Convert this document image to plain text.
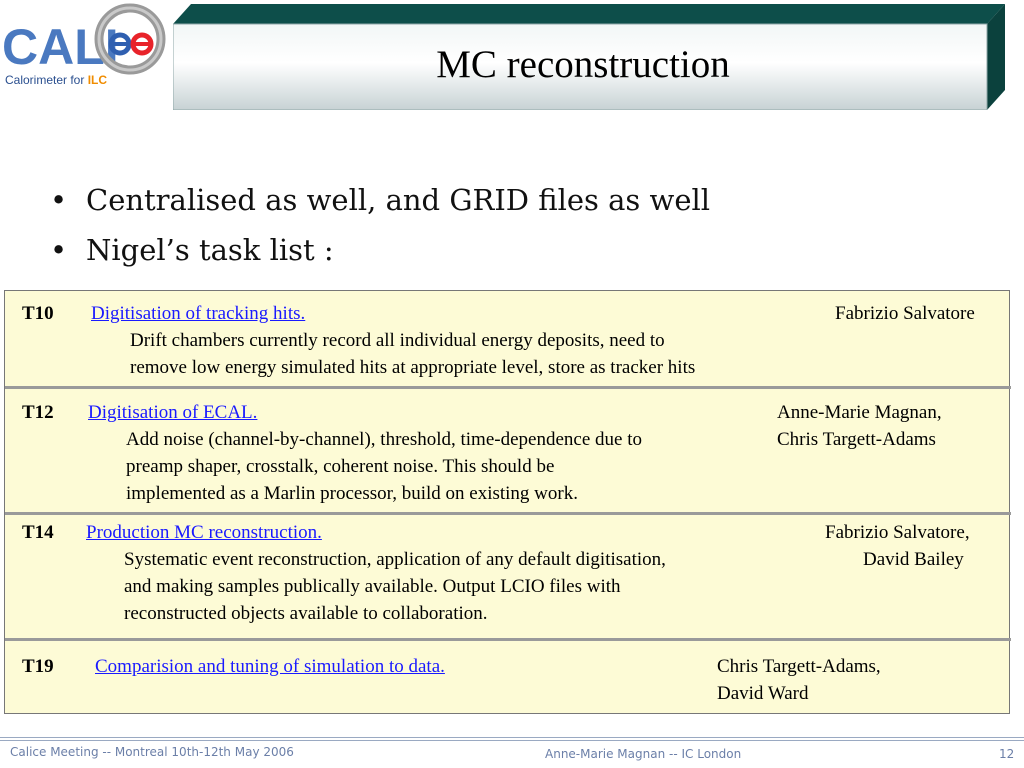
CALI
Calorimeter for ILC	MC reconstruction
• Centralised as well, and GRID files as well
• Nigel’s task list :
T10 Digitisation of tracking hits.	Fabrizio Salvatore
Drift chambers currently record all individual energy deposits, need to
remove low energy simulated hits at appropriate level, store as tracker hits
T12 Digitisation of ECAL.	Anne-Marie Magnan,
Chris Targett-Adams
Add noise (channel-by-channel), threshold, time-dependence due to
preamp shaper, crosstalk, coherent noise. This should be
implemented as a Marlin processor, build on existing work.
T14 Production MC reconstruction.	Fabrizio Salvatore,
David Bailey
Systematic event reconstruction, application of any default digitisation,
and making samples publically available. Output LCIO files with
reconstructed objects available to collaboration.
T19 Comparision and tuning of simulation to data.	Chris Targett-Adams,
David Ward
Calice Meeting -- Montreal 10th-12th May 2006	Anne-Marie Magnan -- IC London	12
